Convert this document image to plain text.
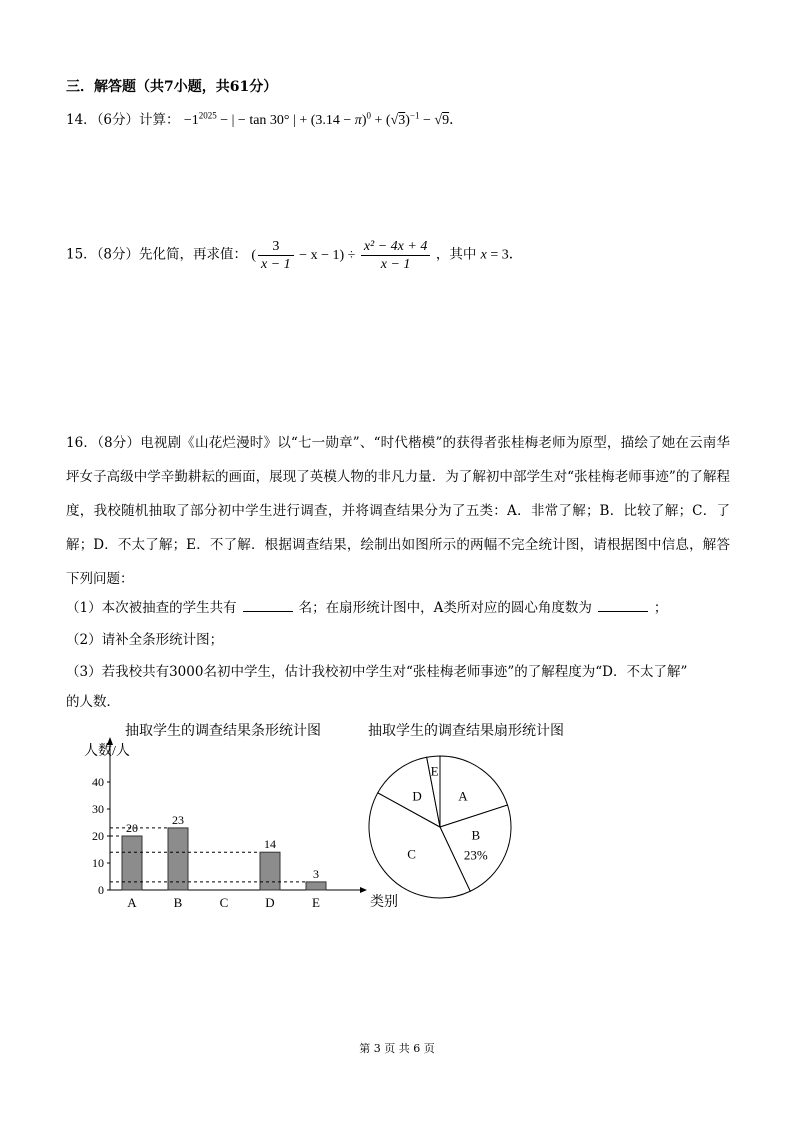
三．解答题（共7小题，共61分）
14．（6分）计算： $-1^{2025}$ − | − tan 30° | + $(3.14 - \pi)^0 + (√3)^{-1} - √9$．
15．（8分）先化简，再求值： ( $\frac{3}{x - 1} - x - 1) \div \frac{\text{x² − 4x + 4}}{x - 1}$ ，其中 x = 3．
16．（8分）电视剧《山花烂漫时》以“七一勋章”、“时代楷模”的获得者张桂梅老师为原型，描绘了她在云南华坪女子高级中学辛勤耕耘的画面，展现了英模人物的非凡力量．为了解初中部学生对“张桂梅老师事迹”的了解程度，我校随机抽取了部分初中学生进行调查，并将调查结果分为了五类：A．非常了解；B．比较了解；C．了解；D．不太了解；E．不了解．根据调查结果，绘制出如图所示的两幅不完全统计图，请根据图中信息，解答下列问题：
（1）本次被抽查的学生共有	名；在扇形统计图中，A类所对应的圆心角度数为	；
（2）请补全条形统计图；
（3）若我校共有3000名初中学生，估计我校初中学生对“张桂梅老师事迹”的了解程度为“D．不太了解”
的人数．
抽取学生的调查结果条形统计图
人数/人
类别
0
10
20
30
40
A
20
B
23
C	D
14
E
3
抽取学生的调查结果扇形统计图
A
B
23%
C
D
E
第 3 页 共 6 页
